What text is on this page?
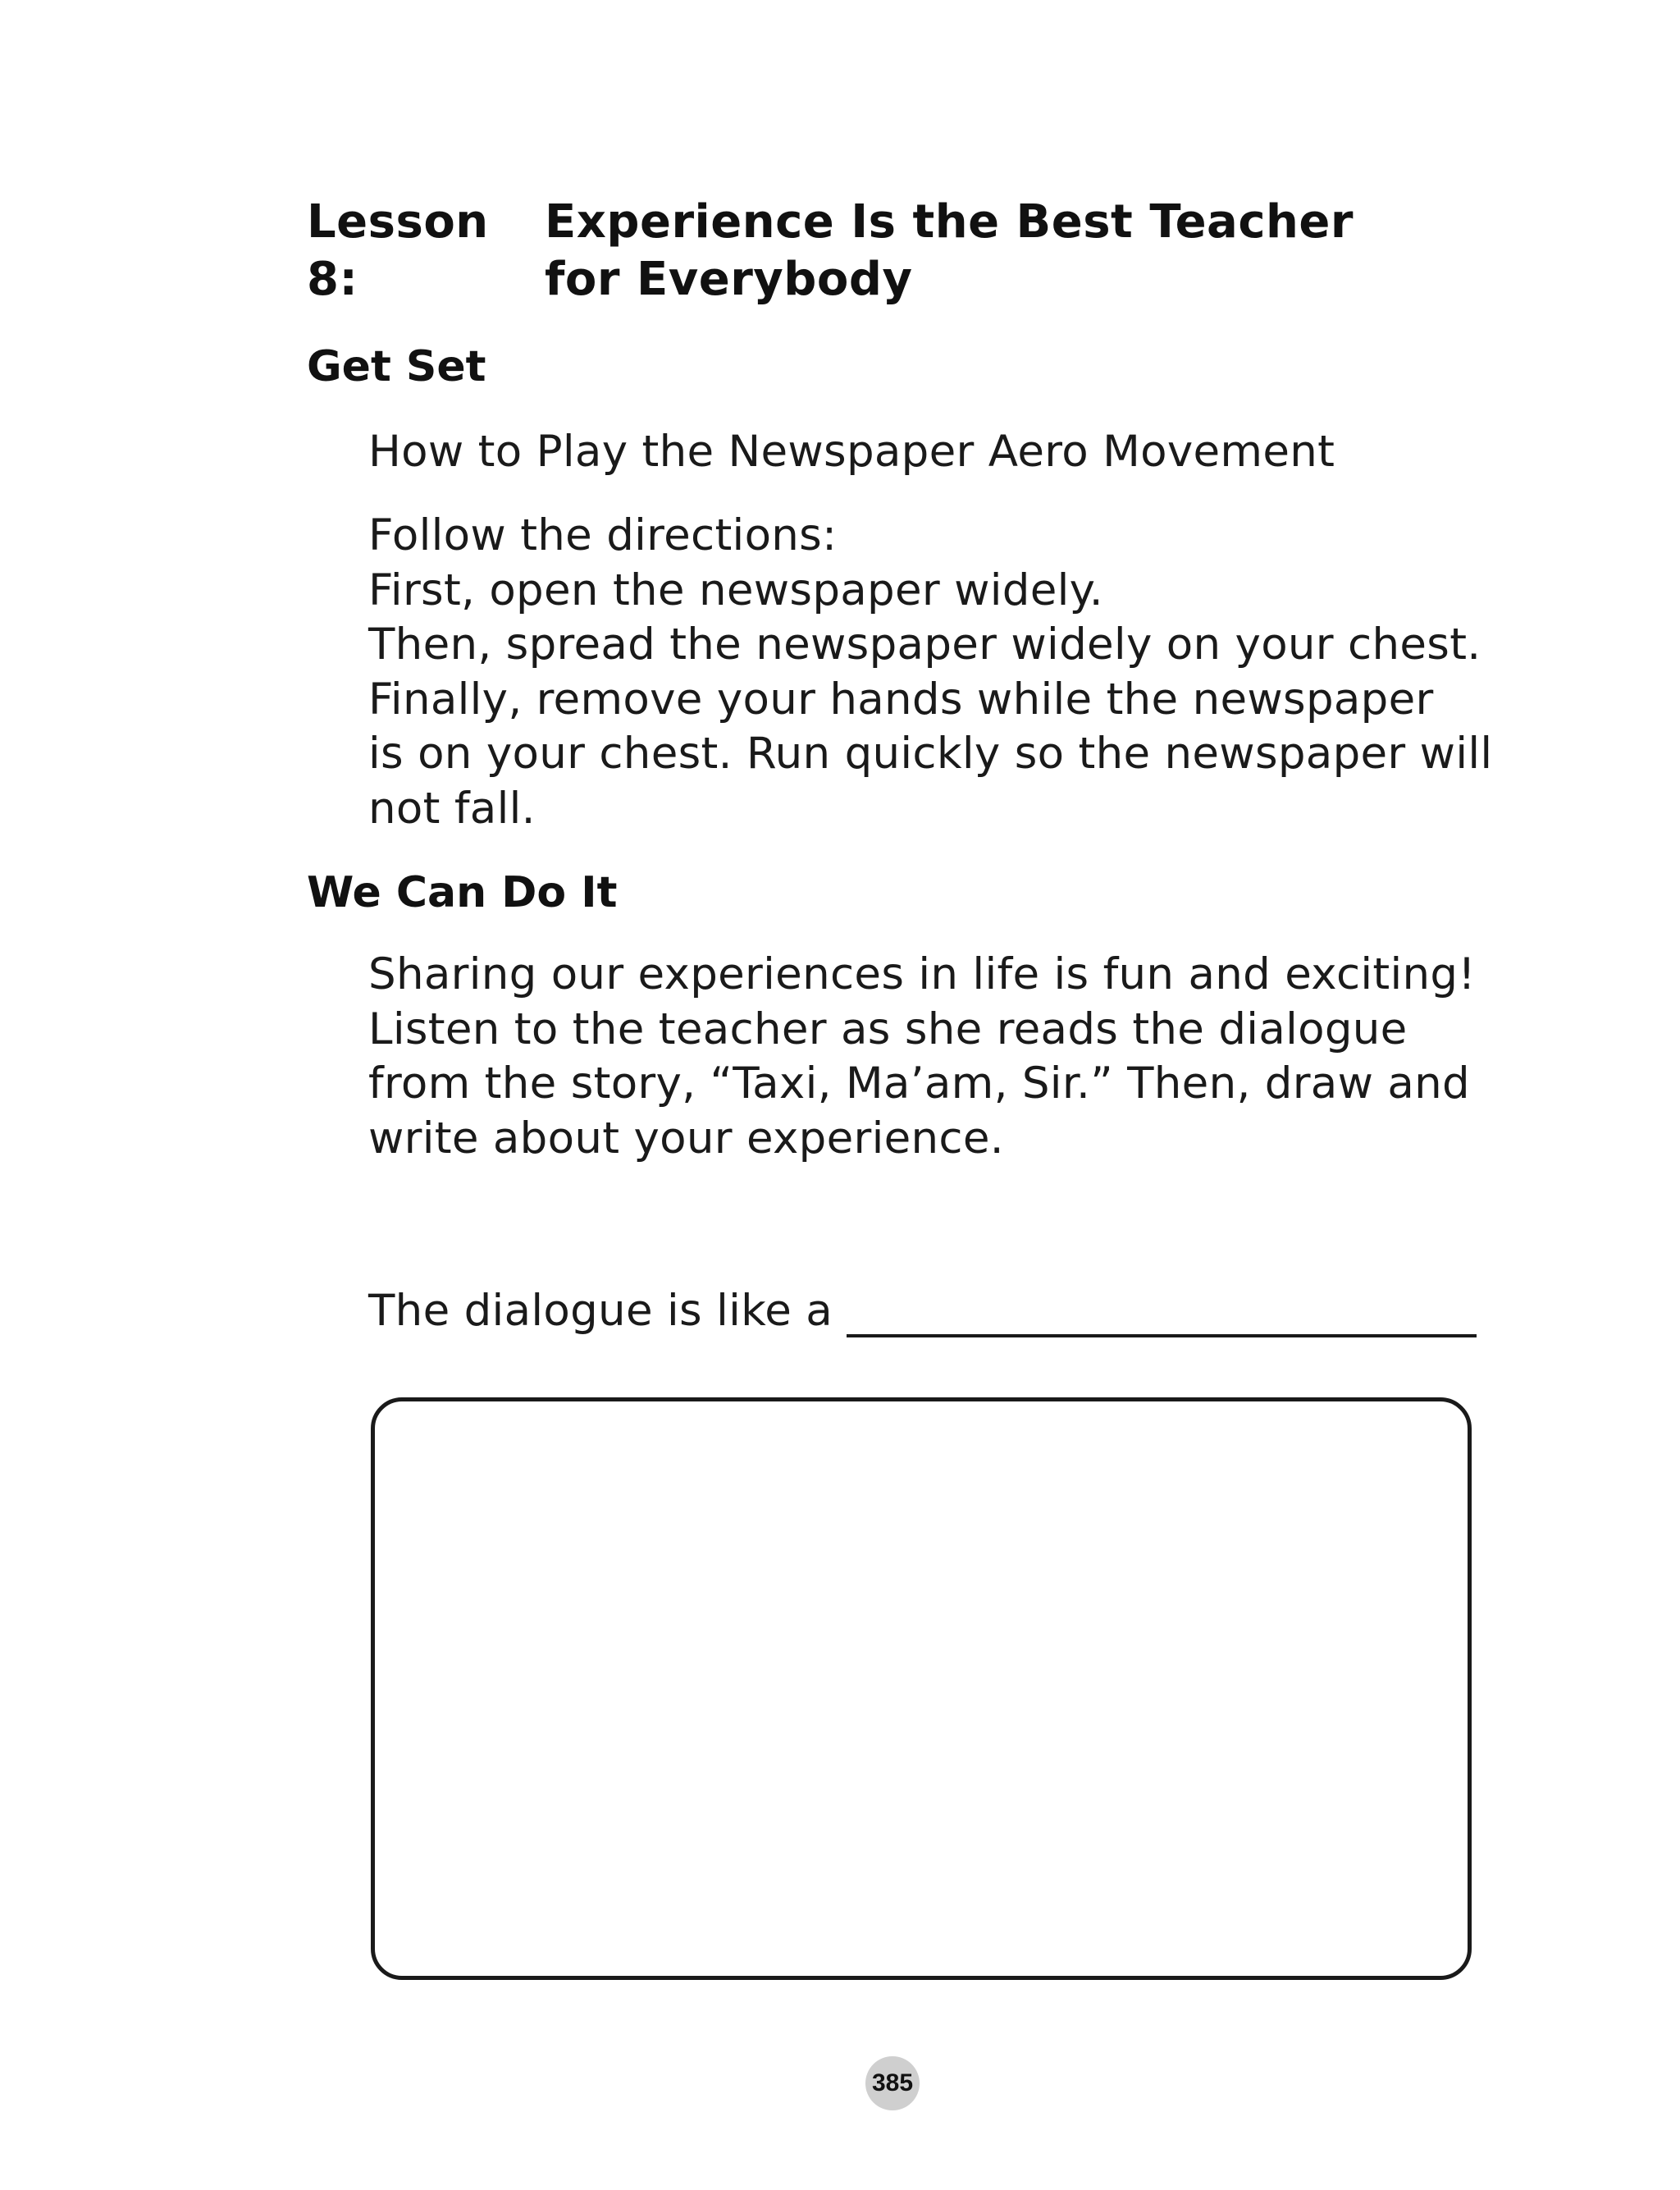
Lesson 8:
Experience Is the Best Teacher
for Everybody
Get Set

How to Play the Newspaper Aero Movement

Follow the directions:
First, open the newspaper widely.
Then, spread the newspaper widely on your chest.
Finally, remove your hands while the newspaper
is on your chest. Run quickly so the newspaper will
not fall.

We Can Do It

Sharing our experiences in life is fun and exciting!
Listen to the teacher as she reads the dialogue
from the story, “Taxi, Ma’am, Sir.” Then, draw and
write about your experience.

The dialogue is like a

385
